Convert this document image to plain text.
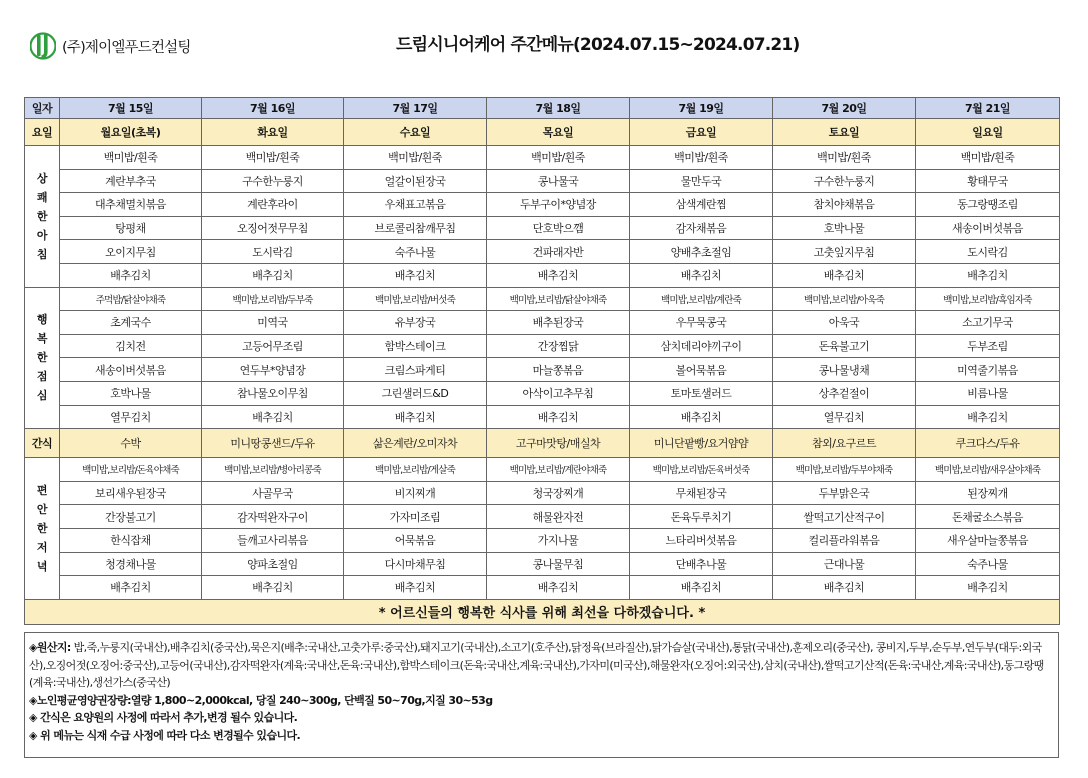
(주)제이엘푸드컨설팅	드림시니어케어 주간메뉴(2024.07.15~2024.07.21)
일자	7월 15일	7월 16일	7월 17일	7월 18일	7월 19일	7월 20일	7월 21일
요일	월요일(초복)	화요일	수요일	목요일	금요일	토요일	일요일

상
쾌
한
아
침	백미밥/흰죽	백미밥/흰죽	백미밥/흰죽	백미밥/흰죽	백미밥/흰죽	백미밥/흰죽	백미밥/흰죽
	계란부추국	구수한누룽지	얼갈이된장국	콩나물국	물만두국	구수한누룽지	황태무국
	대추채멸치볶음	계란후라이	우채표고볶음	두부구이*양념장	삼색계란찜	참치야채볶음	동그랑땡조림
	탕평채	오징어젓무무침	브로콜리참깨무침	단호박으깸	감자채볶음	호박나물	새송이버섯볶음
	오이지무침	도시락김	숙주나물	건파래자반	양배추초절임	고춧잎지무침	도시락김
	배추김치	배추김치	배추김치	배추김치	배추김치	배추김치	배추김치

행
복
한
점
심	주먹밥/닭살야채죽	백미밥,보리밥/두부죽	백미밥,보리밥/버섯죽	백미밥,보리밥/닭살야채죽	백미밥,보리밥/계란죽	백미밥,보리밥/아욱죽	백미밥,보리밥/흑임자죽
	초계국수	미역국	유부장국	배추된장국	우무묵콩국	아욱국	소고기무국
	김치전	고등어무조림	함박스테이크	간장찜닭	삼치데리야끼구이	돈육불고기	두부조림
	새송이버섯볶음	연두부*양념장	크림스파게티	마늘쫑볶음	볼어묵볶음	콩나물냉채	미역줄기볶음
	호박나물	참나물오이무침	그린샐러드&D	아삭이고추무침	토마토샐러드	상추겉절이	비름나물
	열무김치	배추김치	배추김치	배추김치	배추김치	열무김치	배추김치
간식	수박	미니땅콩샌드/두유	삶은계란/오미자차	고구마맛탕/매실차	미니단팥빵/요거얌얌	참외/요구르트	쿠크다스/두유

편
안
한
저
녁	백미밥,보리밥/돈육야채죽	백미밥,보리밥/병아리콩죽	백미밥,보리밥/게살죽	백미밥,보리밥/계란야채죽	백미밥,보리밥/돈육버섯죽	백미밥,보리밥/두부야채죽	백미밥,보리밥/새우살야채죽
	보리새우된장국	사골무국	비지찌개	청국장찌개	무채된장국	두부맑은국	된장찌개
	간장불고기	감자떡완자구이	가자미조림	해물완자전	돈육두루치기	쌀떡고기산적구이	돈채굴소스볶음
	한식잡채	들깨고사리볶음	어묵볶음	가지나물	느타리버섯볶음	컬리플라워볶음	새우살마늘쫑볶음
	청경채나물	양파초절임	다시마채무침	콩나물무침	단배추나물	근대나물	숙주나물
	배추김치	배추김치	배추김치	배추김치	배추김치	배추김치	배추김치
* 어르신들의 행복한 식사를 위해 최선을 다하겠습니다. *							

◈원산지: 밥,죽,누룽지(국내산),배추김치(중국산),묵은지(배추:국내산,고춧가루:중국산),돼지고기(국내산),소고기(호주산),닭정육(브라질산),닭가슴살(국내산),통닭(국내산),훈제오리(중국산), 콩비지,두부,순두부,연두부(대두:외국산),오징어젓(오징어:중국산),고등어(국내산),감자떡완자(계육:국내산,돈육:국내산),함박스테이크(돈육:국내산,계육:국내산),가자미(미국산),해물완자(오징어:외국산),삼치(국내산),쌀떡고기산적(돈육:국내산,계육:국내산),동그랑땡(계육:국내산),생선가스(중국산)

◈노인평균영양권장량:열량 1,800~2,000kcal, 당질 240~300g, 단백질 50~70g,지질 30~53g

◈ 간식은 요양원의 사정에 따라서 추가,변경 될수 있습니다.

◈ 위 메뉴는 식재 수급 사정에 따라 다소 변경될수 있습니다.
